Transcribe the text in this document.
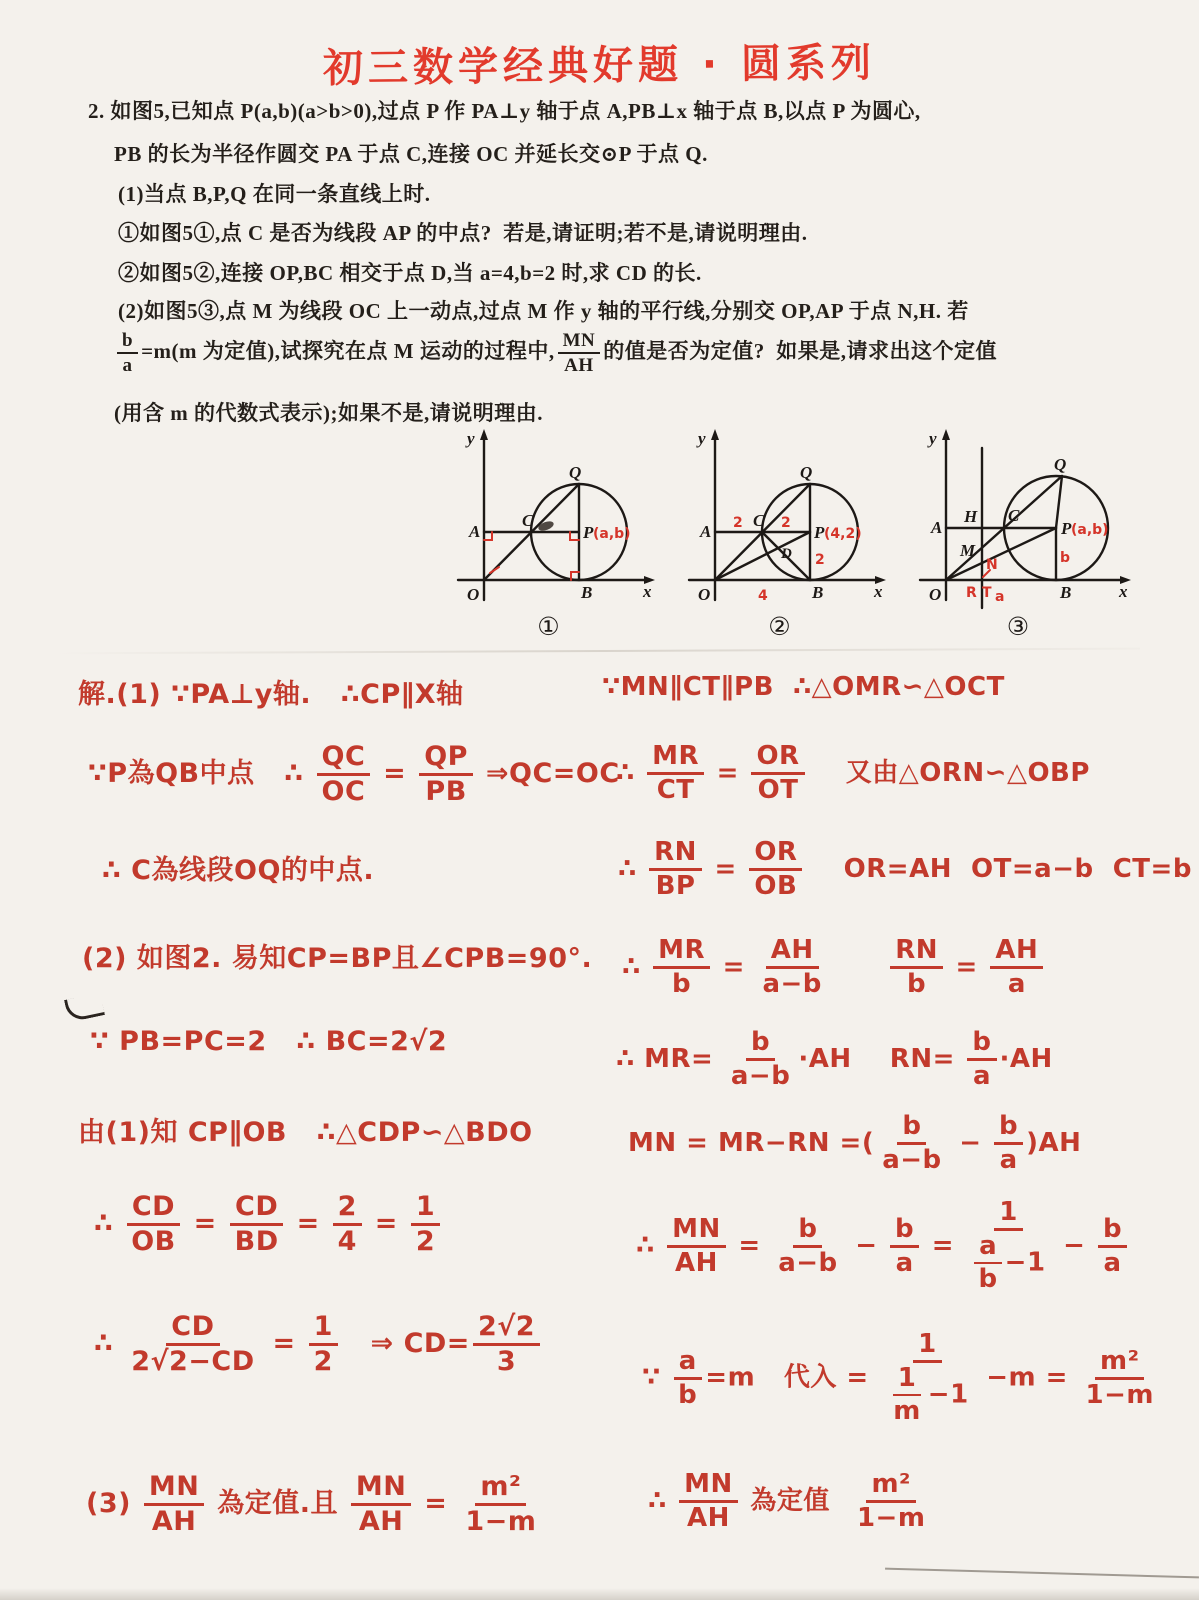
初三数学经典好题 · 圆系列
2. 如图5,已知点 P(a,b)(a>b>0),过点 P 作 PA⊥y 轴于点 A,PB⊥x 轴于点 B,以点 P 为圆心,
PB 的长为半径作圆交 PA 于点 C,连接 OC 并延长交⊙P 于点 Q.
(1)当点 B,P,Q 在同一条直线上时.
①如图5①,点 C 是否为线段 AP 的中点?  若是,请证明;若不是,请说明理由.
②如图5②,连接 OP,BC 相交于点 D,当 a=4,b=2 时,求 CD 的长.
(2)如图5③,点 M 为线段 OC 上一动点,过点 M 作 y 轴的平行线,分别交 OP,AP 于点 N,H. 若
$\frac{b}{a} =m(m$ 为定值),试探究在点 M 运动的过程中, $\frac{MN}{AH}$ 的值是否为定值?  如果是,请求出这个定值
(用含 m 的代数式表示);如果不是,请说明理由.
y
x
O
A
C
Q
B
P (a,b)
①
y
x
O
A
C
Q
B
D
P (4,2)
2	2
2
4
②
y
x
O
A
H
M
C
Q
B
P (a,b)
N	b
R T a
③
解.(1) ∵PA⊥y轴.   ∴CP∥X轴
∵P為QB中点   ∴ $\frac{QC}{OC} = \frac{QP}{PB}$ ⇒QC=OC
∴ C為线段OQ的中点.
(2) 如图2. 易知CP=BP且∠CPB=90°.
∵ PB=PC=2   ∴ BC=2√2
由(1)知 CP∥OB   ∴△CDP∽△BDO
∴ $\frac{CD}{OB} = \frac{CD}{BD} = \frac{2}{4} = \frac{1}{2}$
∴ $\frac{CD}{2√2-CD} = \frac{1}{2}$ ⇒ $CD= \frac{2√2}{3}$
$(3) \frac{MN}{AH}$ 為定值.且 $\frac{MN}{AH} = \frac{\text{m²}}{1-m}$
∵MN∥CT∥PB  ∴△OMR∽△OCT
∴ $\frac{MR}{CT} = \frac{OR}{OT}$ 又由△ORN∽△OBP
∴ $\frac{RN}{BP} = \frac{OR}{OB} OR=AH$  OT=a−b  CT=b
∴ $\frac{MR}{b} = \frac{AH}{a-b}$
$\frac{RN}{b} = \frac{AH}{a}$
∴ $MR= \frac{b}{a-b} \cdot AH$    $RN= \frac{b}{a} \cdot AH$
MN = MR−RN =( $\frac{b}{a-b} - \frac{b}{a} )AH$
∴ $\frac{MN}{AH} = \frac{b}{a-b} - \frac{b}{a} = \frac{1}{\frac{a}{b} -1} - \frac{b}{a}$
∵ $\frac{a}{b} =m$   代入 = $\frac{1}{\frac{1}{m} -1} -m = \frac{\text{m²}}{1-m}$
∴ $\frac{MN}{AH}$ 為定值 $\frac{\text{m²}}{1-m}$
